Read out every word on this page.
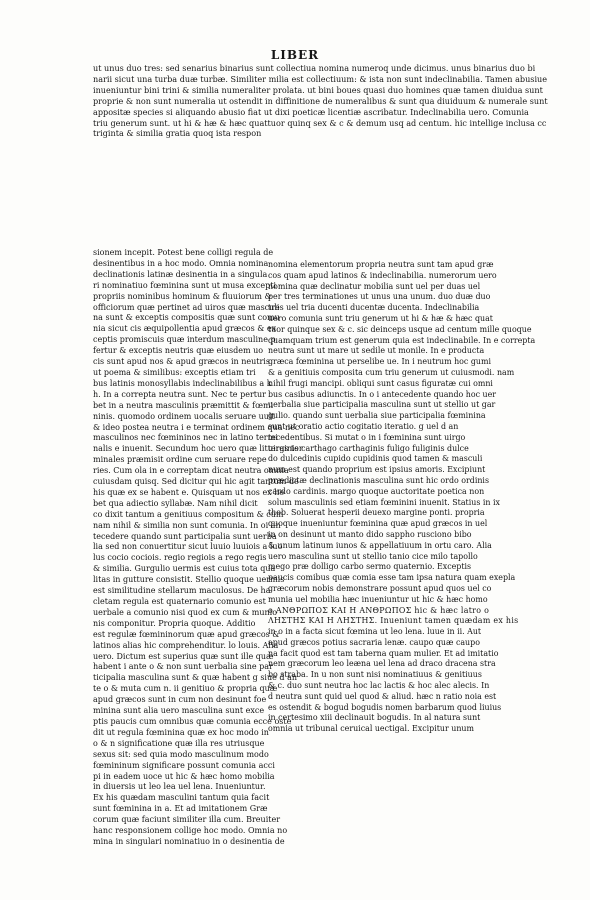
LIBER
ut unus duo tres: sed senarius binarius sunt collectiua nomina numeroq unde dicimus. unus binarius duo bi
narii sicut una turba duæ turbæ. Similiter milia est collectiuum: & ista non sunt indeclinabilia. Tamen abusiue
inueniuntur bini trini & similia numeraliter prolata. ut bini boues quasi duo homines quæ tamen diuidua sunt
proprie & non sunt numeralia ut ostendit in diffinitione de numeralibus & sunt qua diuiduum & numerale sunt
appositæ species si aliquando abusio fiat ut dixi poeticæ licentiæ ascribatur. Indeclinabilia uero. Comunia
triu generum sunt. ut hi & hæ & hæc quattuor quinq sex & c & demum usq ad centum. hic intellige inclusa cc
triginta & similia gratia quoq ista respon
sionem incepit. Potest bene colligi regula de
desinentibus in a hoc modo. Omnia nomina
declinationis latinæ desinentia in a singula
ri nominatiuo fœminina sunt ut musa excepti
propriis nominibus hominum & fluuiorum &
officiorum quæ pertinet ad uiros quæ masculi
na sunt & exceptis compositis quæ sunt comu
nia sicut cis æquipollentia apud græcos & ex
ceptis promiscuis quæ interdum masculine p
fertur & exceptis neutris quæ eiusdem uo
cis sunt apud nos & apud græcos in neutris
ut poema & similibus: exceptis etiam tri
bus latinis monosyllabis indeclinabilibus a k
h. In a correpta neutra sunt. Nec te pertur
bet in a neutra masculinis præmittit & fœmi
ninis. quomodo ordinem uocalis seruare uult
& ideo postea neutra i e terminat ordinem qua nec
masculinos nec fœmininos nec in latino termi
nalis e inuenit. Secundum hoc uero quæ litteras ter
minales præmisit ordine cum seruare repe
ries. Cum ola in e correptam dicat neutra omnia
cuiusdam quisq. Sed dicitur qui hic agit tantum de
his quæ ex se habent e. Quisquam ut nos ex he
bet qua adiectio syllabæ. Nam nihil dicit
co dixit tantum a genitiuus compositum & cum
nam nihil & similia non sunt comunia. In oi an
tecedere quando sunt participalia sunt uerba
lia sed non conuertitur sicut luuio luuiois a luo
lus cocio cociois. regio regiois a rego regis
& similia. Gurgulio uermis est cuius tota qua
litas in gutture consistit. Stellio quoque uermis
est similitudine stellarum maculosus. De ha
cletam regula est quaternario comunio est
uerbale a comunio nisi quod ex cum & munio
nis componitur. Propria quoque. Additio
est regulæ fœmininorum quæ apud græcos &
latinos alias hic comprehenditur. lo louis. Alia
uero. Dictum est superius quæ sunt ille quæ
habent i ante o & non sunt uerbalia sine par
ticipalia masculina sunt & quæ habent g siue d an
te o & muta cum n. ii genitiuo & propria quæ
apud græcos sunt in cum non desinunt foe
minina sunt alia uero masculina sunt exce
ptis paucis cum omnibus quæ comunia ecce oste
dit ut regula fœminina quæ ex hoc modo in
o & n significatione quæ illa res utriusque
sexus sit: sed quia modo masculinum modo
fœmininum significare possunt comunia acci
pi in eadem uoce ut hic & hæc homo mobilia
in diuersis ut leo lea uel lena. Inueniuntur.
Ex his quædam masculini tantum quia facit
sunt fœminina in a. Et ad imitationem Græ
corum quæ faciunt similiter illa cum. Breuiter
hanc responsionem collige hoc modo. Omnia no
mina in singulari nominatiuo in o desinentia de
nomina elementorum propria neutra sunt tam apud græ
cos quam apud latinos & indeclinabilia. numerorum uero
nomina quæ declinatur mobilia sunt uel per duas uel
per tres terminationes ut unus una unum. duo duæ duo
tres uel tria ducenti ducentæ ducenta. Indeclinabilia
uero comunia sunt triu generum ut hi & hæ & hæc quat
tuor quinque sex & c. sic deinceps usque ad centum mille quoque
quamquam trium est generum quia est indeclinabile. In e correpta
neutra sunt ut mare ut sedile ut monile. In e producta
græca fœminina ut perselibe ue. In i neutrum hoc gumi
& a genitiuis composita cum triu generum ut cuiusmodi. nam
nihil frugi mancipi. obliqui sunt casus figuratæ cui omni
bus casibus adiunctis. In o i antecedente quando hoc uer
uerbalia siue participalia masculina sunt ut stellio ut gar
gulio. quando sunt uerbalia siue participalia fœminina
sunt ut oratio actio cogitatio iteratio. g uel d an
tecedentibus. Si mutat o in i fœminina sunt uirgo
uirginis carthago carthaginis fuligo fuliginis dulce
do dulcedinis cupido cupidinis quod tamen & masculi
num est quando proprium est ipsius amoris. Excipiunt
prædictæ declinationis masculina sunt hic ordo ordinis
cardo cardinis. margo quoque auctoritate poetica non
solum masculinis sed etiam fœminini inuenit. Statius in ix
theb. Soluerat hesperii deuexo margine ponti. propria
quoque inueniuntur fœminina quæ apud græcos in uel
in on desinunt ut manto dido sappho rusciono bibo
& unum latinum iunos & appellatiuum in ortu caro. Alia
uero masculina sunt ut stellio tanio cice milo tapollo
mego præ dolligo carbo sermo quaternio. Exceptis
paucis comibus quæ comia esse tam ipsa natura quam exepla
græcorum nobis demonstrare possunt apud quos uel co
munia uel mobilia hæc inueniuntur ut hic & hæc homo
o ΑΝΘΡΩΠΟΣ ΚΑΙ Η ΑΝΘΡΩΠΟΣ hic & hæc latro o
ΛΗΣΤΗΣ ΚΑΙ Η ΛΗΣΤΗΣ. Inueniunt tamen quædam ex his
in o in a facta sicut fœmina ut leo lena. luue in ii. Aut
apud græcos potius sacraria lenæ. caupo quæ caupo
na facit quod est tam taberna quam mulier. Et ad imitatio
nem græcorum leo leæna uel lena ad draco dracena stra
bo straba. In u non sunt nisi nominatiuus & genitiuus
& c. duo sunt neutra hoc lac lactis & hoc alec alecis. In
d neutra sunt quid uel quod & aliud. hæc n ratio noia est
es ostendit & bogud bogudis nomen barbarum quod liuius
in certesimo xiii declinauit bogudis. In al natura sunt
omnia ut tribunal ceruical uectigal. Excipitur unum
